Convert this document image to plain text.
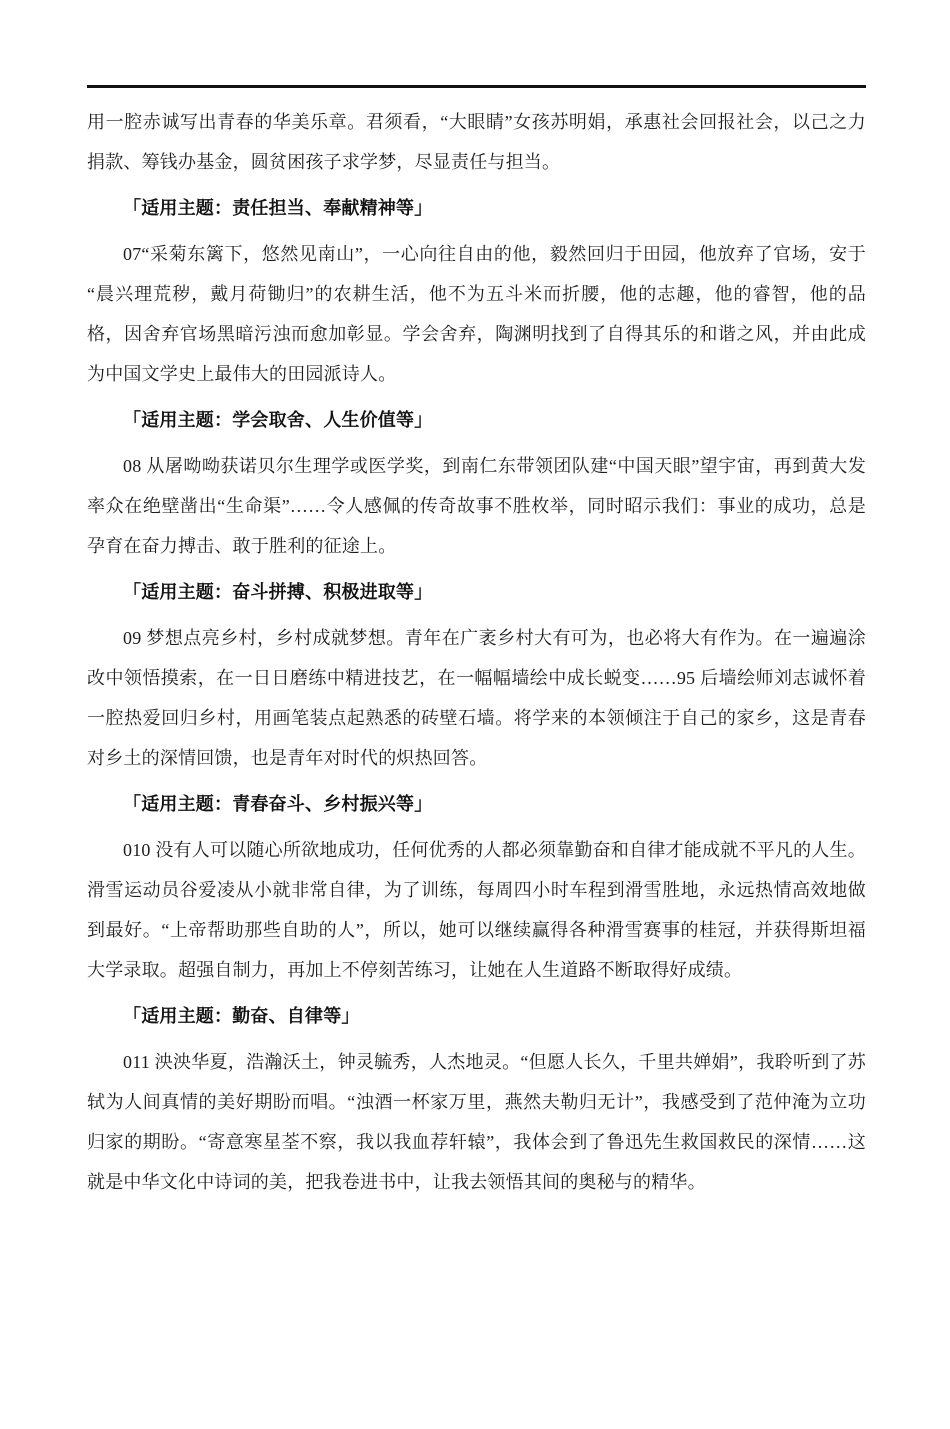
用一腔赤诚写出青春的华美乐章。君须看，“大眼睛”女孩苏明娟，承惠社会回报社会，以己之力捐款、筹钱办基金，圆贫困孩子求学梦，尽显责任与担当。

「适用主题：责任担当、奉献精神等」

07“采菊东篱下，悠然见南山”，一心向往自由的他，毅然回归于田园，他放弃了官场，安于“晨兴理荒秽，戴月荷锄归”的农耕生活，他不为五斗米而折腰，他的志趣，他的睿智，他的品格，因舍弃官场黑暗污浊而愈加彰显。学会舍弃，陶渊明找到了自得其乐的和谐之风，并由此成为中国文学史上最伟大的田园派诗人。

「适用主题：学会取舍、人生价值等」

08 从屠呦呦获诺贝尔生理学或医学奖，到南仁东带领团队建“中国天眼”望宇宙，再到黄大发率众在绝壁凿出“生命渠”……令人感佩的传奇故事不胜枚举，同时昭示我们：事业的成功，总是孕育在奋力搏击、敢于胜利的征途上。

「适用主题：奋斗拼搏、积极进取等」

09 梦想点亮乡村，乡村成就梦想。青年在广袤乡村大有可为，也必将大有作为。在一遍遍涂改中领悟摸索，在一日日磨练中精进技艺，在一幅幅墙绘中成长蜕变……95 后墙绘师刘志诚怀着一腔热爱回归乡村，用画笔装点起熟悉的砖壁石墙。将学来的本领倾注于自己的家乡，这是青春对乡土的深情回馈，也是青年对时代的炽热回答。

「适用主题：青春奋斗、乡村振兴等」

010 没有人可以随心所欲地成功，任何优秀的人都必须靠勤奋和自律才能成就不平凡的人生。滑雪运动员谷爱凌从小就非常自律，为了训练，每周四小时车程到滑雪胜地，永远热情高效地做到最好。“上帝帮助那些自助的人”，所以，她可以继续赢得各种滑雪赛事的桂冠，并获得斯坦福大学录取。超强自制力，再加上不停刻苦练习，让她在人生道路不断取得好成绩。

「适用主题：勤奋、自律等」

011 泱泱华夏，浩瀚沃土，钟灵毓秀，人杰地灵。“但愿人长久，千里共婵娟”，我聆听到了苏轼为人间真情的美好期盼而唱。“浊酒一杯家万里，燕然夫勒归无计”，我感受到了范仲淹为立功归家的期盼。“寄意寒星荃不察，我以我血荐轩辕”，我体会到了鲁迅先生救国救民的深情……这就是中华文化中诗词的美，把我卷进书中，让我去领悟其间的奥秘与的精华。
